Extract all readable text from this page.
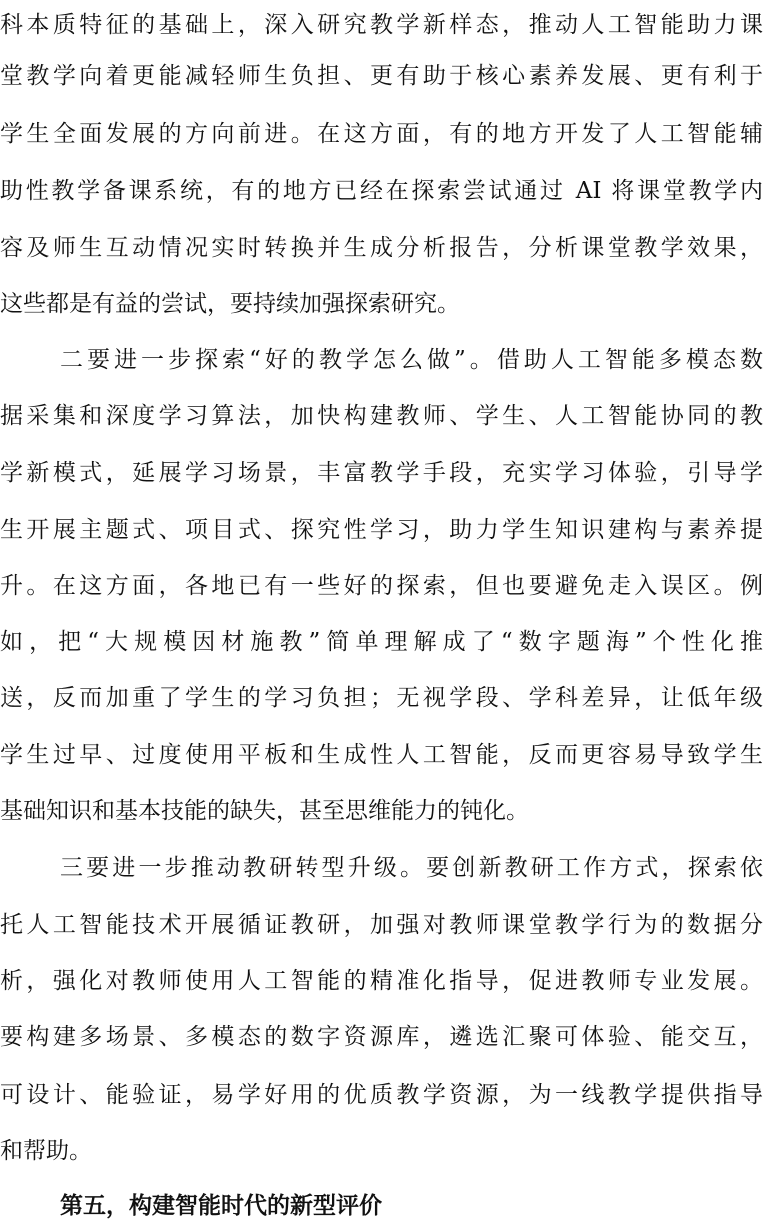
科本质特征的基础上，深入研究教学新样态，推动人工智能助力课
堂教学向着更能减轻师生负担、更有助于核心素养发展、更有利于
学生全面发展的方向前进。在这方面，有的地方开发了人工智能辅
助性教学备课系统，有的地方已经在探索尝试通过 AI 将课堂教学内
容及师生互动情况实时转换并生成分析报告，分析课堂教学效果，
这些都是有益的尝试，要持续加强探索研究。
二要进一步探索“好的教学怎么做”。借助人工智能多模态数
据采集和深度学习算法，加快构建教师、学生、人工智能协同的教
学新模式，延展学习场景，丰富教学手段，充实学习体验，引导学
生开展主题式、项目式、探究性学习，助力学生知识建构与素养提
升。在这方面，各地已有一些好的探索，但也要避免走入误区。例
如，把“大规模因材施教”简单理解成了“数字题海”个性化推
送，反而加重了学生的学习负担；无视学段、学科差异，让低年级
学生过早、过度使用平板和生成性人工智能，反而更容易导致学生
基础知识和基本技能的缺失，甚至思维能力的钝化。
三要进一步推动教研转型升级。要创新教研工作方式，探索依
托人工智能技术开展循证教研，加强对教师课堂教学行为的数据分
析，强化对教师使用人工智能的精准化指导，促进教师专业发展。
要构建多场景、多模态的数字资源库，遴选汇聚可体验、能交互，
可设计、能验证，易学好用的优质教学资源，为一线教学提供指导
和帮助。
第五，构建智能时代的新型评价
